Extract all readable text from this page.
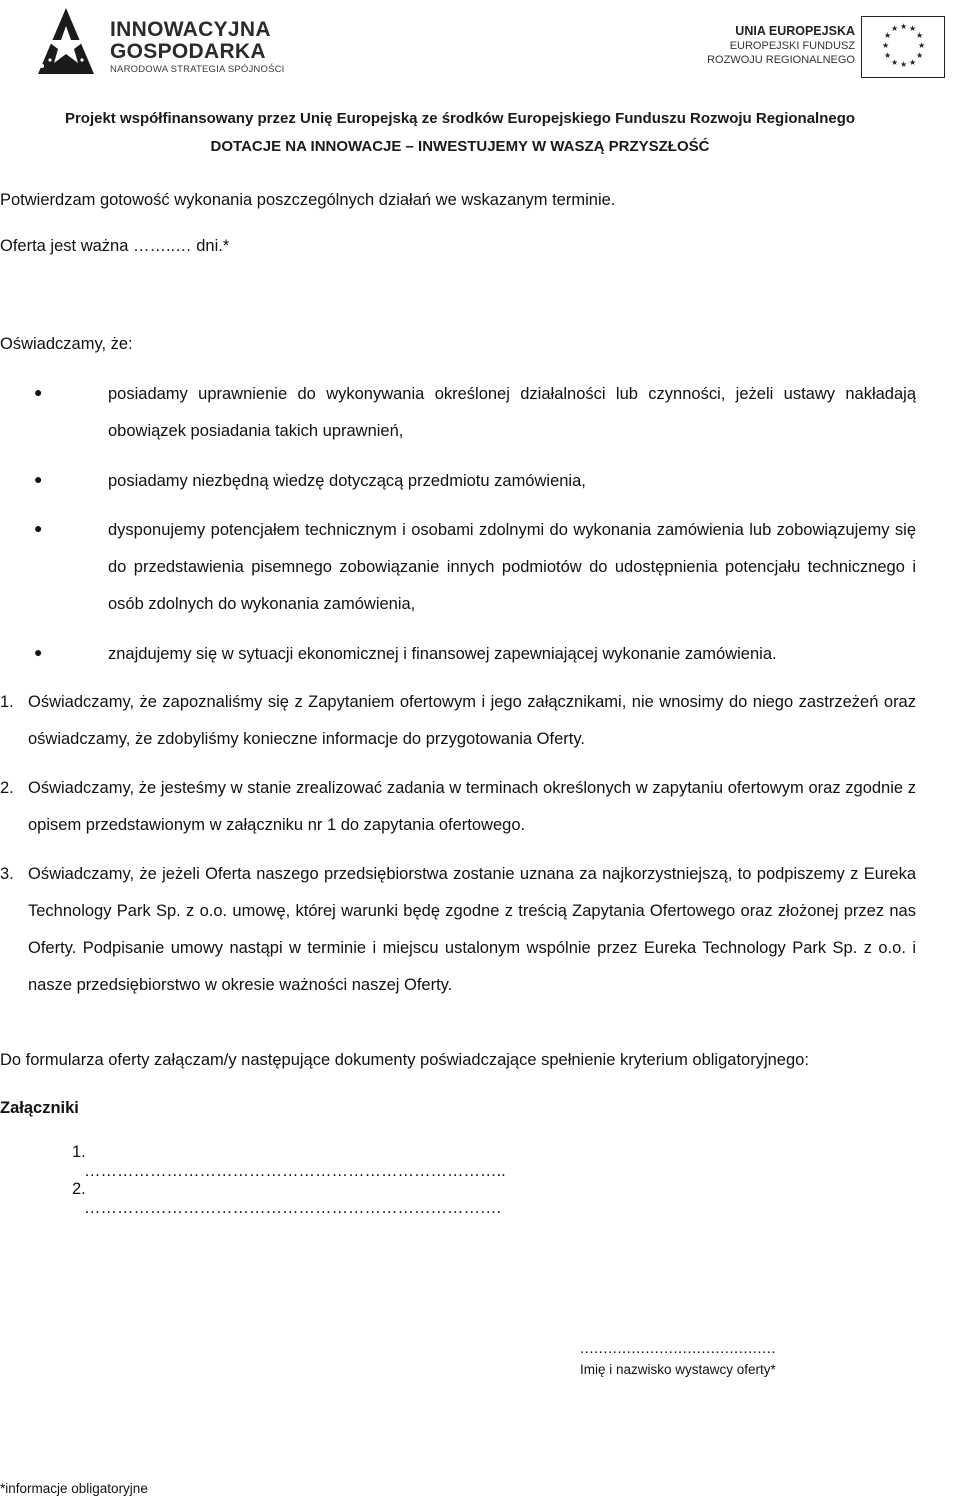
INNOWACYJNA
GOSPODARKA
NARODOWA STRATEGIA SPÓJNOŚCI
UNIA EUROPEJSKA
EUROPEJSKI FUNDUSZ
ROZWOJU REGIONALNEGO
★ ★
★
★
★
★
★
★
★
★
★
★
Projekt współfinansowany przez Unię Europejską ze środków Europejskiego Funduszu Rozwoju Regionalnego
DOTACJE NA INNOWACJE – INWESTUJEMY W WASZĄ PRZYSZŁOŚĆ
Potwierdzam gotowość wykonania poszczególnych działań we wskazanym terminie.
Oferta jest ważna ……..… dni.*
Oświadczamy, że:
●	posiadamy uprawnienie do wykonywania określonej działalności lub czynności, jeżeli ustawy nakładają obowiązek posiadania takich uprawnień,
●	posiadamy niezbędną wiedzę dotyczącą przedmiotu zamówienia,
●	dysponujemy potencjałem technicznym i osobami zdolnymi do wykonania zamówienia lub zobowiązujemy się do przedstawienia pisemnego zobowiązanie innych podmiotów do udostępnienia potencjału technicznego i osób zdolnych do wykonania zamówienia,
●	znajdujemy się w sytuacji ekonomicznej i finansowej zapewniającej wykonanie zamówienia.
1. Oświadczamy, że zapoznaliśmy się z Zapytaniem ofertowym i jego załącznikami, nie wnosimy do niego zastrzeżeń oraz oświadczamy, że zdobyliśmy konieczne informacje do przygotowania Oferty.
2. Oświadczamy, że jesteśmy w stanie zrealizować zadania w terminach określonych w zapytaniu ofertowym oraz zgodnie z opisem przedstawionym w załączniku nr 1 do zapytania ofertowego.
3. Oświadczamy, że jeżeli Oferta naszego przedsiębiorstwa zostanie uznana za najkorzystniejszą, to podpiszemy z Eureka Technology Park Sp. z o.o. umowę, której warunki będę zgodne z treścią Zapytania Ofertowego oraz złożonej przez nas Oferty. Podpisanie umowy nastąpi w terminie i miejscu ustalonym wspólnie przez Eureka Technology Park Sp. z o.o. i nasze przedsiębiorstwo w okresie ważności naszej Oferty.
Do formularza oferty załączam/y następujące dokumenty poświadczające spełnienie kryterium obligatoryjnego:
Załączniki
1. …………………………………………………………………..
2. ………………………………………………………………….
..........................................
Imię i nazwisko wystawcy oferty*
*informacje obligatoryjne
